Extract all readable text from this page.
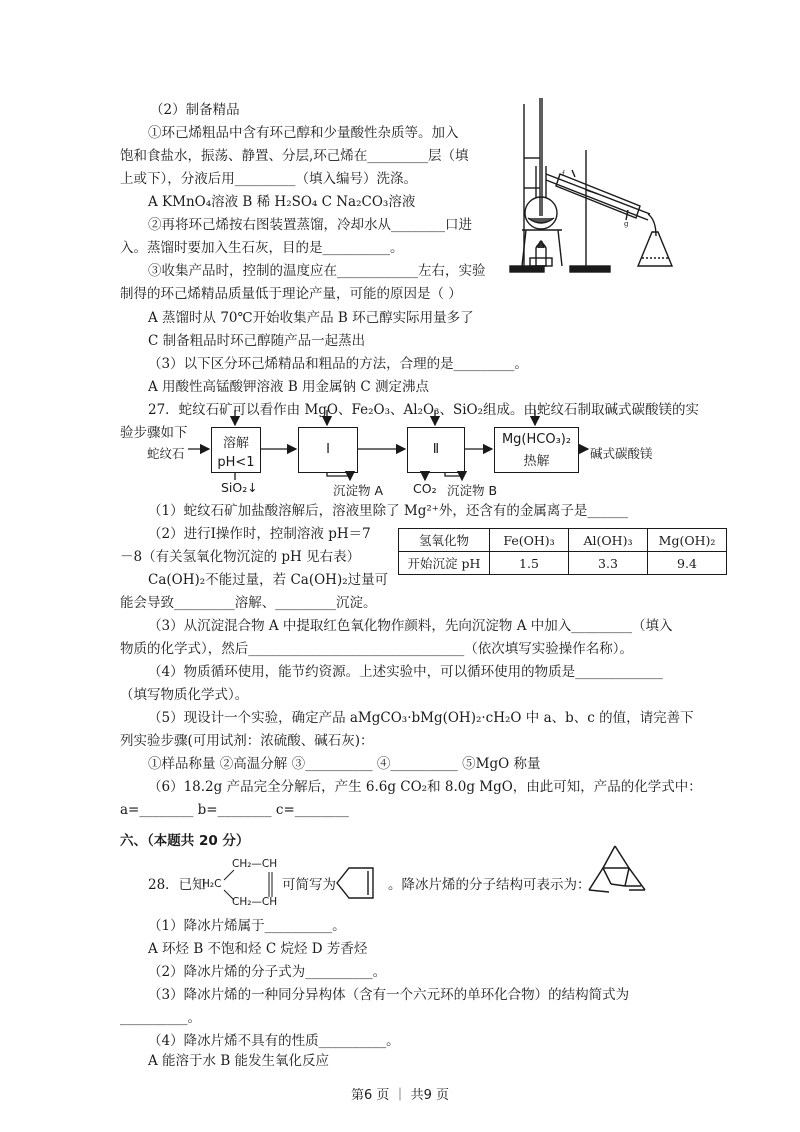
（2）制备精品
①环己烯粗品中含有环己醇和少量酸性杂质等。加入
饱和食盐水，振荡、静置、分层,环己烯在_________层（填
上或下），分液后用_________（填入编号）洗涤。
A KMnO₄溶液 B 稀 H₂SO₄ C Na₂CO₃溶液
②再将环己烯按右图装置蒸馏，冷却水从________口进
入。蒸馏时要加入生石灰，目的是__________。
③收集产品时，控制的温度应在____________左右，实验
制得的环己烯精品质量低于理论产量，可能的原因是（ ）
A 蒸馏时从 70℃开始收集产品 B 环己醇实际用量多了
C 制备粗品时环己醇随产品一起蒸出
（3）以下区分环己烯精品和粗品的方法，合理的是_________。
A 用酸性高锰酸钾溶液 B 用金属钠 C 测定沸点
27．蛇纹石矿可以看作由 MgO、Fe₂O₃、Al₂O₃、SiO₂组成。由蛇纹石制取碱式碳酸镁的实
验步骤如下
f
g
蛇纹石
溶解
pH<1
Ⅰ	Ⅱ
Mg(HCO₃)₂
热解
碱式碳酸镁
SiO₂↓	沉淀物 A CO₂ 沉淀物 B
（1）蛇纹石矿加盐酸溶解后，溶液里除了 Mg²⁺外，还含有的金属离子是______
（2）进行Ⅰ操作时，控制溶液 pH＝7
－8（有关氢氧化物沉淀的 pH 见右表）
Ca(OH)₂不能过量，若 Ca(OH)₂过量可
能会导致_________溶解、_________沉淀。
氢氧化物	Fe(OH)₃	Al(OH)₃	Mg(OH)₂
开始沉淀 pH	1.5	3.3	9.4
（3）从沉淀混合物 A 中提取红色氧化物作颜料，先向沉淀物 A 中加入_________（填入
物质的化学式），然后________________________________（依次填写实验操作名称）。
（4）物质循环使用，能节约资源。上述实验中，可以循环使用的物质是_____________
（填写物质化学式）。
（5）现设计一个实验，确定产品 aMgCO₃·bMg(OH)₂·cH₂O 中 a、b、c 的值，请完善下
列实验步骤(可用试剂：浓硫酸、碱石灰)：
①样品称量 ②高温分解 ③__________ ④__________ ⑤MgO 称量
（6）18.2g 产品完全分解后，产生 6.6g CO₂和 8.0g MgO，由此可知，产品的化学式中：
a=________ b=________ c=________
六、（本题共 20 分）
28．已知
CH₂—CH
H₂C
CH₂—CH
可简写为	。降冰片烯的分子结构可表示为：
（1）降冰片烯属于__________。
A 环烃 B 不饱和烃 C 烷烃 D 芳香烃
（2）降冰片烯的分子式为__________。
（3）降冰片烯的一种同分异构体（含有一个六元环的单环化合物）的结构简式为
__________。
（4）降冰片烯不具有的性质__________。
A 能溶于水 B 能发生氧化反应
第6 页 ｜ 共9 页
